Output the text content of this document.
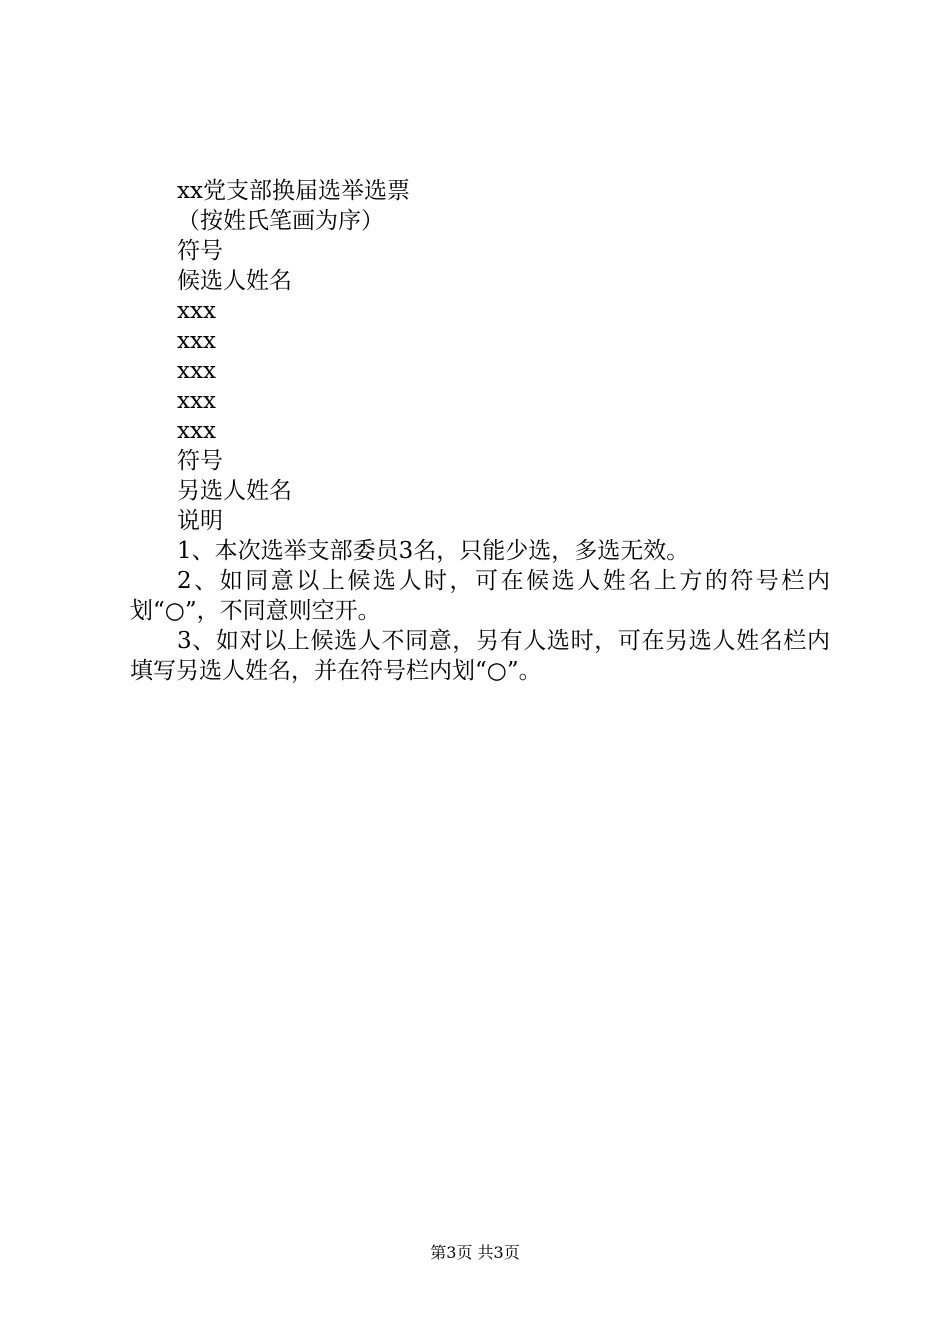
xx党支部换届选举选票
（按姓氏笔画为序）
符号
候选人姓名
xxx
xxx
xxx
xxx
xxx
符号
另选人姓名
说明
1、本次选举支部委员3名，只能少选，多选无效。
2、如同意以上候选人时，可在候选人姓名上方的符号栏内划“○”，不同意则空开。
3、如对以上候选人不同意，另有人选时，可在另选人姓名栏内填写另选人姓名，并在符号栏内划“○”。
第3页 共3页
